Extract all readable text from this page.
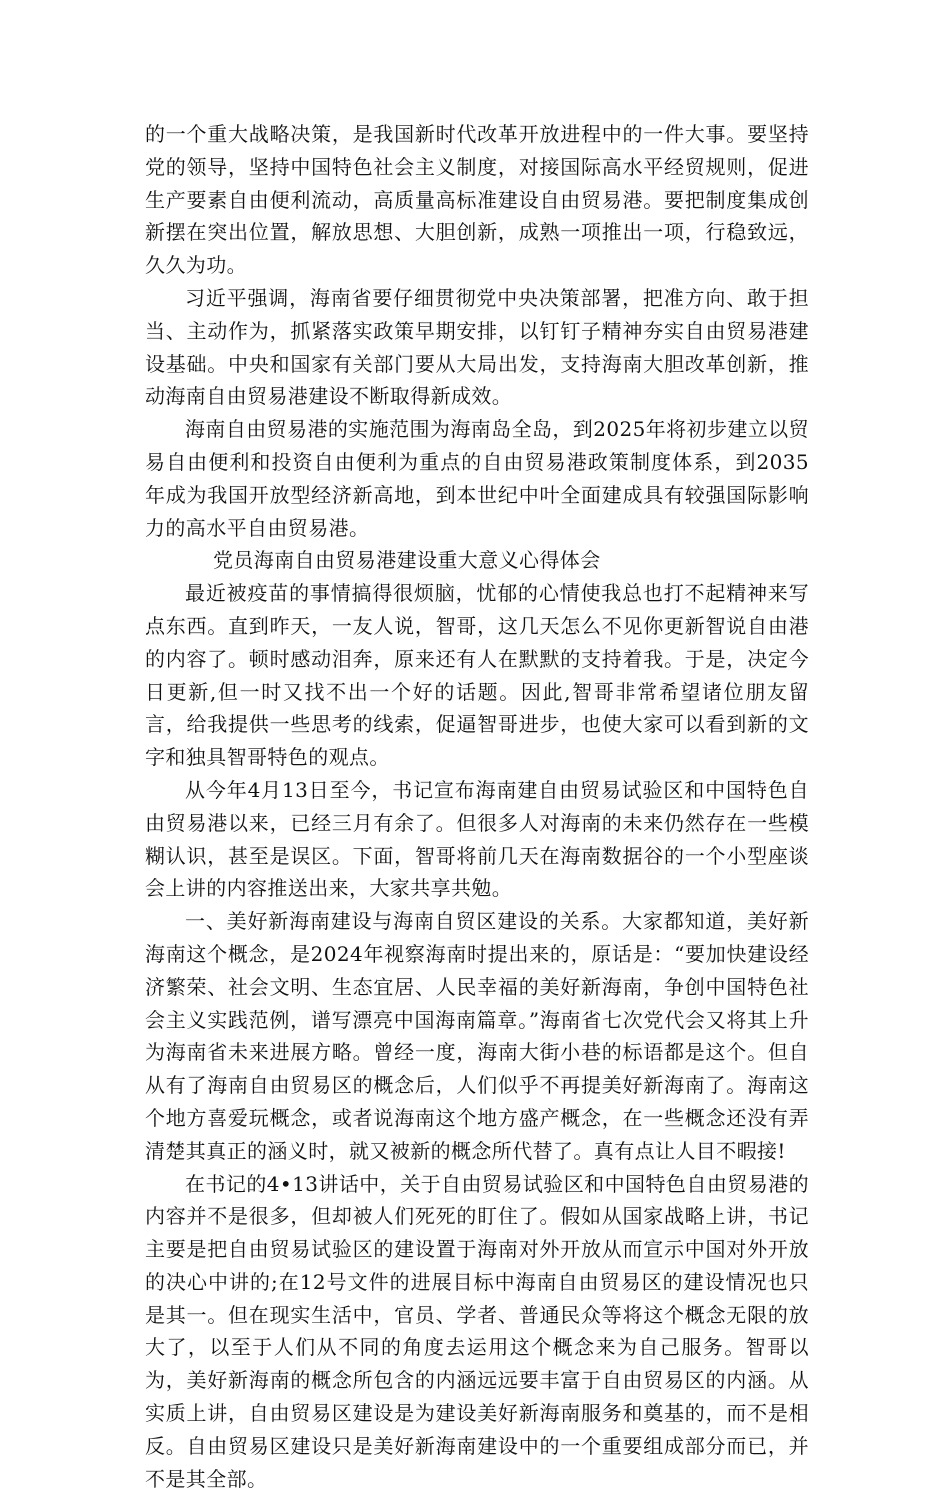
的一个重大战略决策，是我国新时代改革开放进程中的一件大事。要坚持党的领导，坚持中国特色社会主义制度，对接国际高水平经贸规则，促进生产要素自由便利流动，高质量高标准建设自由贸易港。要把制度集成创新摆在突出位置，解放思想、大胆创新，成熟一项推出一项，行稳致远，久久为功。

习近平强调，海南省要仔细贯彻党中央决策部署，把准方向、敢于担当、主动作为，抓紧落实政策早期安排，以钉钉子精神夯实自由贸易港建设基础。中央和国家有关部门要从大局出发，支持海南大胆改革创新，推动海南自由贸易港建设不断取得新成效。

海南自由贸易港的实施范围为海南岛全岛，到2025年将初步建立以贸易自由便利和投资自由便利为重点的自由贸易港政策制度体系，到2035年成为我国开放型经济新高地，到本世纪中叶全面建成具有较强国际影响力的高水平自由贸易港。

党员海南自由贸易港建设重大意义心得体会

最近被疫苗的事情搞得很烦脑，忧郁的心情使我总也打不起精神来写点东西。直到昨天，一友人说，智哥，这几天怎么不见你更新智说自由港的内容了。顿时感动泪奔，原来还有人在默默的支持着我。于是，决定今日更新,但一时又找不出一个好的话题。因此,智哥非常希望诸位朋友留言，给我提供一些思考的线索，促逼智哥进步，也使大家可以看到新的文字和独具智哥特色的观点。

从今年4月13日至今，书记宣布海南建自由贸易试验区和中国特色自由贸易港以来，已经三月有余了。但很多人对海南的未来仍然存在一些模糊认识，甚至是误区。下面，智哥将前几天在海南数据谷的一个小型座谈会上讲的内容推送出来，大家共享共勉。

一、美好新海南建设与海南自贸区建设的关系。大家都知道，美好新海南这个概念，是2024年视察海南时提出来的，原话是：“要加快建设经济繁荣、社会文明、生态宜居、人民幸福的美好新海南，争创中国特色社会主义实践范例，谱写漂亮中国海南篇章。”海南省七次党代会又将其上升为海南省未来进展方略。曾经一度，海南大街小巷的标语都是这个。但自从有了海南自由贸易区的概念后，人们似乎不再提美好新海南了。海南这个地方喜爱玩概念，或者说海南这个地方盛产概念，在一些概念还没有弄清楚其真正的涵义时，就又被新的概念所代替了。真有点让人目不暇接!

在书记的4•13讲话中，关于自由贸易试验区和中国特色自由贸易港的内容并不是很多，但却被人们死死的盯住了。假如从国家战略上讲，书记主要是把自由贸易试验区的建设置于海南对外开放从而宣示中国对外开放的决心中讲的;在12号文件的进展目标中海南自由贸易区的建设情况也只是其一。但在现实生活中，官员、学者、普通民众等将这个概念无限的放大了，以至于人们从不同的角度去运用这个概念来为自己服务。智哥以为，美好新海南的概念所包含的内涵远远要丰富于自由贸易区的内涵。从实质上讲，自由贸易区建设是为建设美好新海南服务和奠基的，而不是相反。自由贸易区建设只是美好新海南建设中的一个重要组成部分而已，并不是其全部。
